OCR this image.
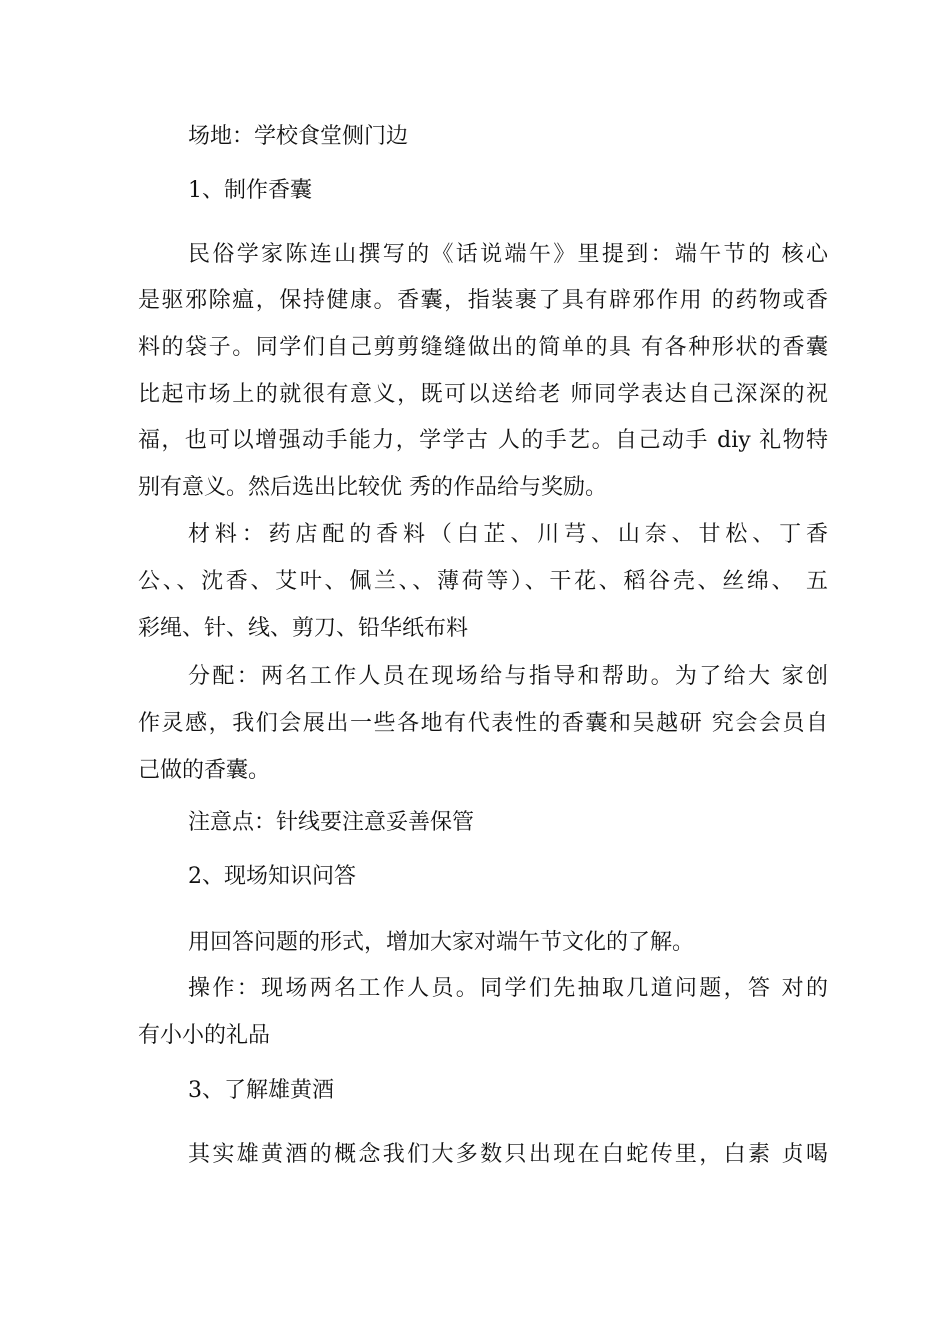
场地：学校食堂侧门边
1、制作香囊
民俗学家陈连山撰写的《话说端午》里提到：端午节的 核心
是驱邪除瘟，保持健康。香囊，指装裹了具有辟邪作用 的药物或香
料的袋子。同学们自己剪剪缝缝做出的简单的具 有各种形状的香囊
比起市场上的就很有意义，既可以送给老 师同学表达自己深深的祝
福，也可以增强动手能力，学学古 人的手艺。自己动手 diy 礼物特
别有意义。然后选出比较优 秀的作品给与奖励。
材料：药店配的香料（白芷、川芎、山奈、甘松、丁香
公、、沈香、艾叶、佩兰、、薄荷等）、干花、稻谷壳、丝绵、 五
彩绳、针、线、剪刀、铅华纸布料
分配：两名工作人员在现场给与指导和帮助。为了给大 家创
作灵感，我们会展出一些各地有代表性的香囊和吴越研 究会会员自
己做的香囊。
注意点：针线要注意妥善保管
2、现场知识问答
用回答问题的形式，增加大家对端午节文化的了解。
操作：现场两名工作人员。同学们先抽取几道问题，答 对的
有小小的礼品
3、了解雄黄酒
其实雄黄酒的概念我们大多数只出现在白蛇传里，白素 贞喝
